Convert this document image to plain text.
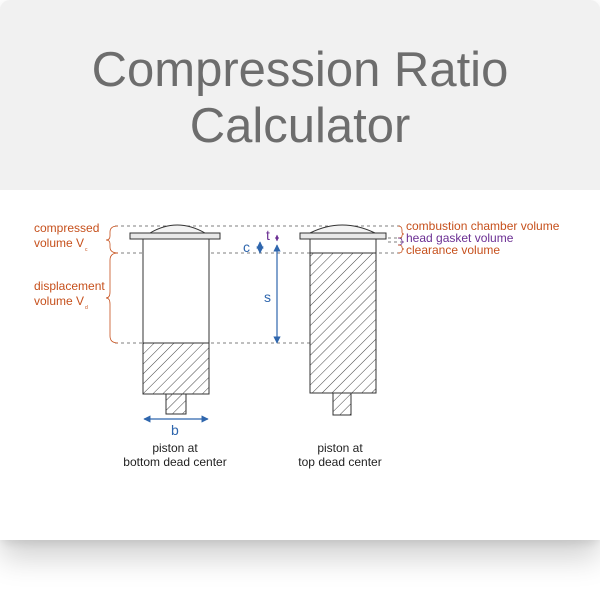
Compression Ratio
Calculator
compressed
volume $V_c$
displacement
volume $V_d$
combustion chamber volume
head gasket volume
clearance volume
t
c
s
b
piston at
bottom dead center
piston at
top dead center
